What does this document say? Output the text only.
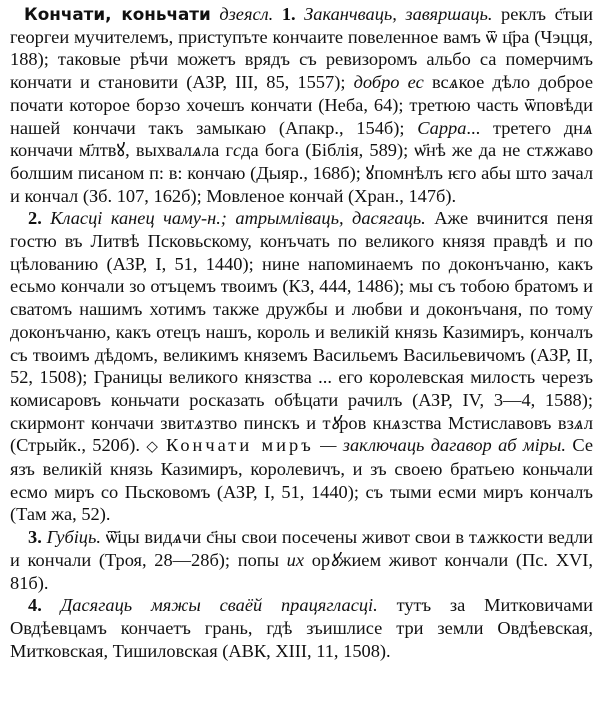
Кончати, коньчати дзеясл. 1. Заканчваць, завяршаць. реклъ с҃тыи георгеи мучителемъ, приступъте кончаите повеленное вамъ ѿ ц҃ра (Чэцця, 188); таковые рѣчи можетъ врядъ съ ревизоромъ альбо са померчимъ кончати и становити (АЗР, III, 85, 1557); добро ес всѧкое дѣло доброе почати которое борзо хочешъ кончати (Неба, 64); третюю часть ѿповѣди нашей кончачи такъ замыкаю (Апакр., 154б); Сарра... третего днѧ кончачи м҃лтвꙋ, выхвалѧла гсда бога (Біблія, 589); ѡ҃нѣ же да не стѫжаво болшим писаном п: в: кончаю (Дыяр., 168б); ꙋпомнѣлъ ѥго абы што зачал и кончал (Зб. 107, 162б); Мовленое кончай (Хран., 147б).

2. Класці канец чаму-н.; атрымліваць, дасягаць. Аже вчинится пеня гостю въ Литвѣ Псковьскому, конъчать по великого князя правдѣ и по цѣлованию (АЗР, I, 51, 1440); нине напоминаемъ по доконъчаню, какъ есьмо кончали зо отъцемъ твоимъ (КЗ, 444, 1486); мы съ тобою братомъ и сватомъ нашимъ хотимъ также дружбы и любви и доконъчаня, по тому доконъчаню, какъ отецъ нашъ, король и великій князь Казимиръ, кончалъ съ твоимъ дѣдомъ, великимъ княземъ Васильемъ Васильевичомъ (АЗР, II, 52, 1508); Границы великого князства ... его королевская милость черезъ комисаровъ коньчати росказать обѣцати рачилъ (АЗР, IV, 3—4, 1588); скирмонт кончачи звитѧзтво пинскъ и тꙋров кнѧзства Мстиславовъ взѧл (Стрыйк., 520б). ◇ Кончати миръ — заключаць дагавор аб міры. Се язъ великій князь Казимиръ, королевичъ, и зъ своею братьею коньчали есмо миръ со Пьсковомъ (АЗР, I, 51, 1440); съ тыми есми миръ кончалъ (Там жа, 52).

3. Губіць. ѿ҃цы видѧчи с҃ны свои посечены живот свои в тѧжкости ведли и кончали (Троя, 28—28б); попы их орꙋжием живот кончали (Пс. XVI, 81б).

4. Дасягаць мяжы сваёй працягласці. тутъ за Митковичами Овдѣевцамъ кончаетъ грань, гдѣ зъишлисе три земли Овдѣевская, Митковская, Тишиловская (АВК, XIII, 11, 1508).
